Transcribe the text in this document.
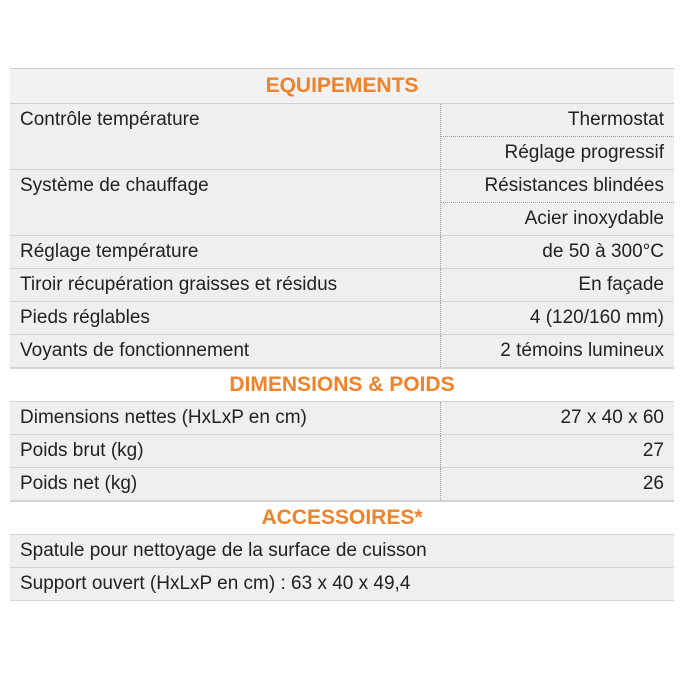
EQUIPEMENTS
Contrôle température	Thermostat
Réglage progressif
Système de chauffage	Résistances blindées
Acier inoxydable
Réglage température	de 50 à 300°C
Tiroir récupération graisses et résidus	En façade
Pieds réglables	4 (120/160 mm)
Voyants de fonctionnement	2 témoins lumineux
DIMENSIONS & POIDS
Dimensions nettes (HxLxP en cm)	27 x 40 x 60
Poids brut (kg)	27
Poids net (kg)	26
ACCESSOIRES*
Spatule pour nettoyage de la surface de cuisson
Support ouvert (HxLxP en cm) : 63 x 40 x 49,4
